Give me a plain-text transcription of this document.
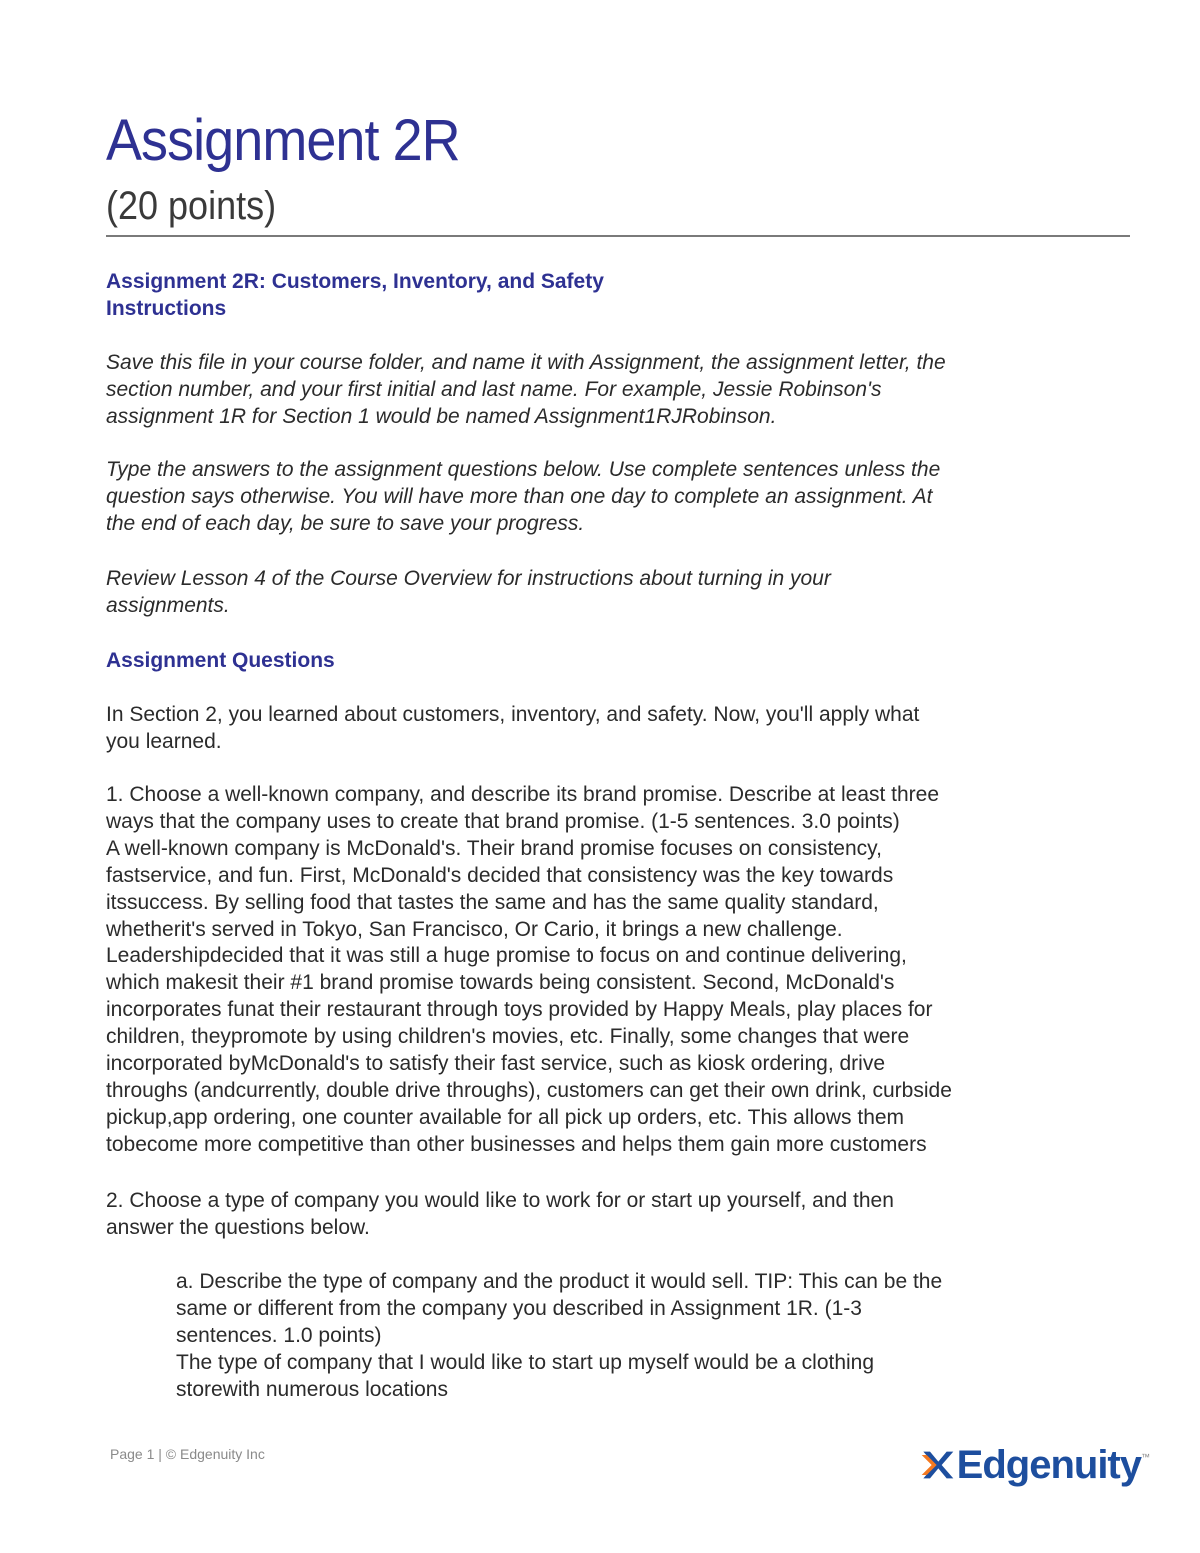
Assignment 2R
(20 points)
Assignment 2R: Customers, Inventory, and Safety
Instructions
Save this file in your course folder, and name it with Assignment, the assignment letter, the
section number, and your first initial and last name. For example, Jessie Robinson's
assignment 1R for Section 1 would be named Assignment1RJRobinson.
Type the answers to the assignment questions below. Use complete sentences unless the
question says otherwise. You will have more than one day to complete an assignment. At
the end of each day, be sure to save your progress.
Review Lesson 4 of the Course Overview for instructions about turning in your
assignments.
Assignment Questions
In Section 2, you learned about customers, inventory, and safety. Now, you'll apply what
you learned.
1. Choose a well-known company, and describe its brand promise. Describe at least three
ways that the company uses to create that brand promise. (1-5 sentences. 3.0 points)
A well-known company is McDonald's. Their brand promise focuses on consistency,
fastservice, and fun. First, McDonald's decided that consistency was the key towards
itssuccess. By selling food that tastes the same and has the same quality standard,
whetherit's served in Tokyo, San Francisco, Or Cario, it brings a new challenge.
Leadershipdecided that it was still a huge promise to focus on and continue delivering,
which makesit their #1 brand promise towards being consistent. Second, McDonald's
incorporates funat their restaurant through toys provided by Happy Meals, play places for
children, theypromote by using children's movies, etc. Finally, some changes that were
incorporated byMcDonald's to satisfy their fast service, such as kiosk ordering, drive
throughs (andcurrently, double drive throughs), customers can get their own drink, curbside
pickup,app ordering, one counter available for all pick up orders, etc. This allows them
tobecome more competitive than other businesses and helps them gain more customers
2. Choose a type of company you would like to work for or start up yourself, and then
answer the questions below.
a. Describe the type of company and the product it would sell. TIP: This can be the
same or different from the company you described in Assignment 1R. (1-3
sentences. 1.0 points)
The type of company that I would like to start up myself would be a clothing
storewith numerous locations
Page 1 | © Edgenuity Inc	Edgenuity ™
